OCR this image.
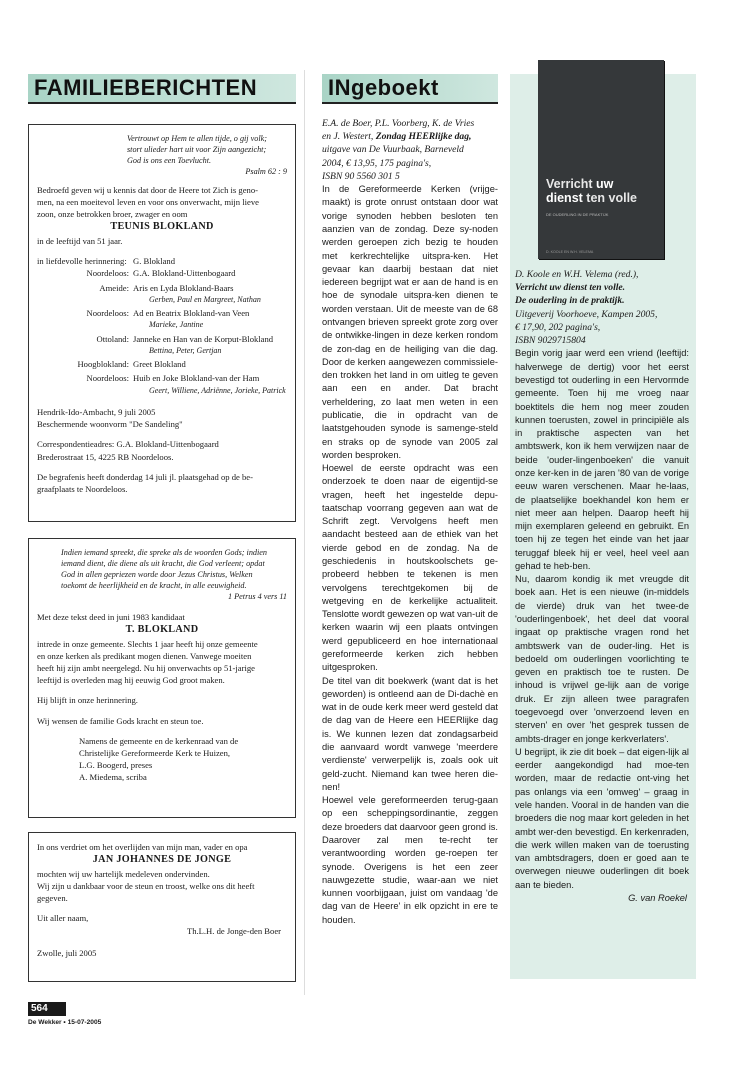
FAMILIEBERICHTEN

Vertrouwt op Hem te allen tijde, o gij volk;

stort ulieder hart uit voor Zijn aangezicht;

God is ons een Toevlucht.

Psalm 62 : 9

Bedroefd geven wij u kennis dat door de Heere tot Zich is geno-

men, na een moeitevol leven en voor ons onverwacht, mijn lieve

zoon, onze betrokken broer, zwager en oom

TEUNIS BLOKLAND

in de leeftijd van 51 jaar.

in liefdevolle herinnering: G. Blokland
Noordeloos: G.A. Blokland-Uittenbogaard
Ameide: Aris en Lyda Blokland-Baars
Gerben, Paul en Margreet, Nathan
Noordeloos: Ad en Beatrix Blokland-van Veen
Marieke, Jantine
Ottoland: Janneke en Han van de Korput-Blokland
Bettina, Peter, Gertjan
Hoogblokland: Greet Blokland
Noordeloos: Huib en Joke Blokland-van der Ham
Geert, Williene, Adriënne, Jorieke, Patrick

Hendrik-Ido-Ambacht, 9 juli 2005

Beschermende woonvorm "De Sandeling"

Correspondentieadres: G.A. Blokland-Uittenbogaard

Brederostraat 15, 4225 RB Noordeloos.

De begrafenis heeft donderdag 14 juli jl. plaatsgehad op de be-

graafplaats te Noordeloos.

Indien iemand spreekt, die spreke als de woorden Gods; indien

iemand dient, die diene als uit kracht, die God verleent; opdat

God in allen gepriezen worde door Jezus Christus, Welken

toekomt de heerlijkheid en de kracht, in alle eeuwigheid.

1 Petrus 4 vers 11

Met deze tekst deed in juni 1983 kandidaat

T. BLOKLAND

intrede in onze gemeente. Slechts 1 jaar heeft hij onze gemeente

en onze kerken als predikant mogen dienen. Vanwege moeiten

heeft hij zijn ambt neergelegd. Nu hij onverwachts op 51-jarige

leeftijd is overleden mag hij eeuwig God groot maken.

Hij blijft in onze herinnering.

Wij wensen de familie Gods kracht en steun toe.

Namens de gemeente en de kerkenraad van de

Christelijke Gereformeerde Kerk te Huizen,

L.G. Boogerd, preses

A. Miedema, scriba

In ons verdriet om het overlijden van mijn man, vader en opa

JAN JOHANNES DE JONGE

mochten wij uw hartelijk medeleven ondervinden.

Wij zijn u dankbaar voor de steun en troost, welke ons dit heeft

gegeven.

Uit aller naam,

Th.L.H. de Jonge-den Boer

Zwolle, juli 2005

INgeboekt

E.A. de Boer, P.L. Voorberg, K. de Vries

en J. Westert, Zondag HEERlijke dag,

uitgave van De Vuurbaak, Barneveld

2004, € 13,95, 175 pagina's,

ISBN 90 5560 301 5

In de Gereformeerde Kerken (vrijge-maakt) is grote onrust ontstaan door wat vorige synoden hebben besloten ten aanzien van de zondag. Deze sy-noden werden geroepen zich bezig te houden met kerkrechtelijke uitspra-ken. Het gevaar kan daarbij bestaan dat niet iedereen begrijpt wat er aan de hand is en hoe de synodale uitspra-ken dienen te worden verstaan. Uit de meeste van de 68 ontvangen brieven spreekt grote zorg over de ontwikke-lingen in deze kerken rondom de zon-dag en de heiliging van die dag. Door de kerken aangewezen commissiele-den trokken het land in om uitleg te geven aan een en ander. Dat bracht verheldering, zo laat men weten in een publicatie, die in opdracht van de laatstgehouden synode is samenge-steld en straks op de synode van 2005 zal worden besproken.

Hoewel de eerste opdracht was een onderzoek te doen naar de eigentijd-se vragen, heeft het ingestelde depu-taatschap voorrang gegeven aan wat de Schrift zegt. Vervolgens heeft men aandacht besteed aan de ethiek van het vierde gebod en de zondag. Na de geschiedenis in houtskoolschets ge-probeerd hebben te tekenen is men vervolgens terechtgekomen bij de wetgeving en de kerkelijke actualiteit. Tenslotte wordt gewezen op wat van-uit de kerken waarin wij een plaats ontvingen werd gepubliceerd en hoe internationaal gereformeerde kerken zich hebben uitgesproken.

De titel van dit boekwerk (want dat is het geworden) is ontleend aan de Di-dachè en wat in de oude kerk meer werd gesteld dat de dag van de Heere een HEERlijke dag is. We kunnen lezen dat zondagsarbeid die aanvaard wordt vanwege 'meerdere verdienste' verwerpelijk is, zoals ook uit geld-zucht. Niemand kan twee heren die-nen!

Hoewel vele gereformeerden terug-gaan op een scheppingsordinantie, zeggen deze broeders dat daarvoor geen grond is. Daarover zal men te-recht ter verantwoording worden ge-roepen ter synode. Overigens is het een zeer nauwgezette studie, waar-aan we niet kunnen voorbijgaan, juist om vandaag 'de dag van de Heere' in elk opzicht in ere te houden.

Verricht uw
dienst ten volle
DE OUDERLING IN DE PRAKTIJK
D. KOOLE EN W.H. VELEMA

D. Koole en W.H. Velema (red.),

Verricht uw dienst ten volle.

De ouderling in de praktijk.

Uitgeverij Voorhoeve, Kampen 2005,

€ 17,90, 202 pagina's,

ISBN 9029715804

Begin vorig jaar werd een vriend (leeftijd: halverwege de dertig) voor het eerst bevestigd tot ouderling in een Hervormde gemeente. Toen hij me vroeg naar boektitels die hem nog meer zouden kunnen toerusten, zowel in principiële als in praktische aspecten van het ambtswerk, kon ik hem verwijzen naar de beide 'ouder-lingenboeken' die vanuit onze ker-ken in de jaren '80 van de vorige eeuw waren verschenen. Maar he-laas, de plaatselijke boekhandel kon hem er niet meer aan helpen. Daarop heeft hij mijn exemplaren geleend en gebruikt. En toen hij ze tegen het einde van het jaar teruggaf bleek hij er veel, heel veel aan gehad te heb-ben.

Nu, daarom kondig ik met vreugde dit boek aan. Het is een nieuwe (in-middels de vierde) druk van het twee-de 'ouderlingenboek', het deel dat vooral ingaat op praktische vragen rond het ambtswerk van de ouder-ling. Het is bedoeld om ouderlingen voorlichting te geven en praktisch toe te rusten. De inhoud is vrijwel ge-lijk aan de vorige druk. Er zijn alleen twee paragrafen toegevoegd over 'onverzoend leven en sterven' en over 'het gesprek tussen de ambts-drager en jonge kerkverlaters'.

U begrijpt, ik zie dit boek – dat eigen-lijk al eerder aangekondigd had moe-ten worden, maar de redactie ont-ving het pas onlangs via een 'omweg' – graag in vele handen. Vooral in de handen van die broeders die nog maar kort geleden in het ambt wer-den bevestigd. En kerkenraden, die werk willen maken van de toerusting van ambtsdragers, doen er goed aan te overwegen nieuwe ouderlingen dit boek aan te bieden.

G. van Roekel

564
De Wekker • 15-07-2005
